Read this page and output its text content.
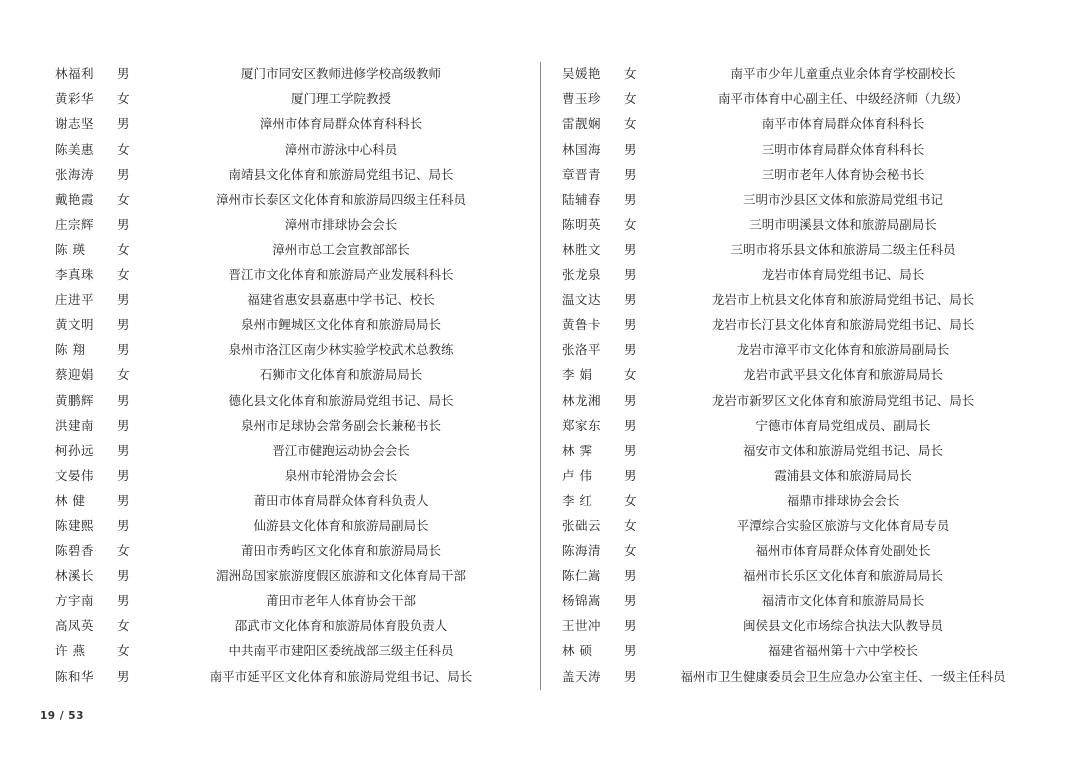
林福利	男	厦门市同安区教师进修学校高级教师
黄彩华	女	厦门理工学院教授
谢志坚	男	漳州市体育局群众体育科科长
陈美惠	女	漳州市游泳中心科员
张海涛	男	南靖县文化体育和旅游局党组书记、局长
戴艳霞	女	漳州市长泰区文化体育和旅游局四级主任科员
庄宗辉	男	漳州市排球协会会长
陈 瑛	女	漳州市总工会宣教部部长
李真珠	女	晋江市文化体育和旅游局产业发展科科长
庄进平	男	福建省惠安县嘉惠中学书记、校长
黄文明	男	泉州市鲤城区文化体育和旅游局局长
陈 翔	男	泉州市洛江区南少林实验学校武术总教练
蔡迎娟	女	石狮市文化体育和旅游局局长
黄鹏辉	男	德化县文化体育和旅游局党组书记、局长
洪建南	男	泉州市足球协会常务副会长兼秘书长
柯孙远	男	晋江市健跑运动协会会长
文晏伟	男	泉州市轮滑协会会长
林 健	男	莆田市体育局群众体育科负责人
陈建熙	男	仙游县文化体育和旅游局副局长
陈碧香	女	莆田市秀屿区文化体育和旅游局局长
林溪长	男	湄洲岛国家旅游度假区旅游和文化体育局干部
方宇南	男	莆田市老年人体育协会干部
高凤英	女	邵武市文化体育和旅游局体育股负责人
许 燕	女	中共南平市建阳区委统战部三级主任科员
陈和华	男	南平市延平区文化体育和旅游局党组书记、局长
吴媛艳	女	南平市少年儿童重点业余体育学校副校长
曹玉珍	女	南平市体育中心副主任、中级经济师（九级）
雷靓娴	女	南平市体育局群众体育科科长
林国海	男	三明市体育局群众体育科科长
章晋青	男	三明市老年人体育协会秘书长
陆辅春	男	三明市沙县区文体和旅游局党组书记
陈明英	女	三明市明溪县文体和旅游局副局长
林胜文	男	三明市将乐县文体和旅游局二级主任科员
张龙泉	男	龙岩市体育局党组书记、局长
温文达	男	龙岩市上杭县文化体育和旅游局党组书记、局长
黄鲁卡	男	龙岩市长汀县文化体育和旅游局党组书记、局长
张洛平	男	龙岩市漳平市文化体育和旅游局副局长
李 娟	女	龙岩市武平县文化体育和旅游局局长
林龙湘	男	龙岩市新罗区文化体育和旅游局党组书记、局长
郑家东	男	宁德市体育局党组成员、副局长
林 霁	男	福安市文体和旅游局党组书记、局长
卢 伟	男	霞浦县文体和旅游局局长
李 红	女	福鼎市排球协会会长
张础云	女	平潭综合实验区旅游与文化体育局专员
陈海清	女	福州市体育局群众体育处副处长
陈仁嵩	男	福州市长乐区文化体育和旅游局局长
杨锦嵩	男	福清市文化体育和旅游局局长
王世冲	男	闽侯县文化市场综合执法大队教导员
林 硕	男	福建省福州第十六中学校长
盖天涛	男	福州市卫生健康委员会卫生应急办公室主任、一级主任科员
19 / 53
